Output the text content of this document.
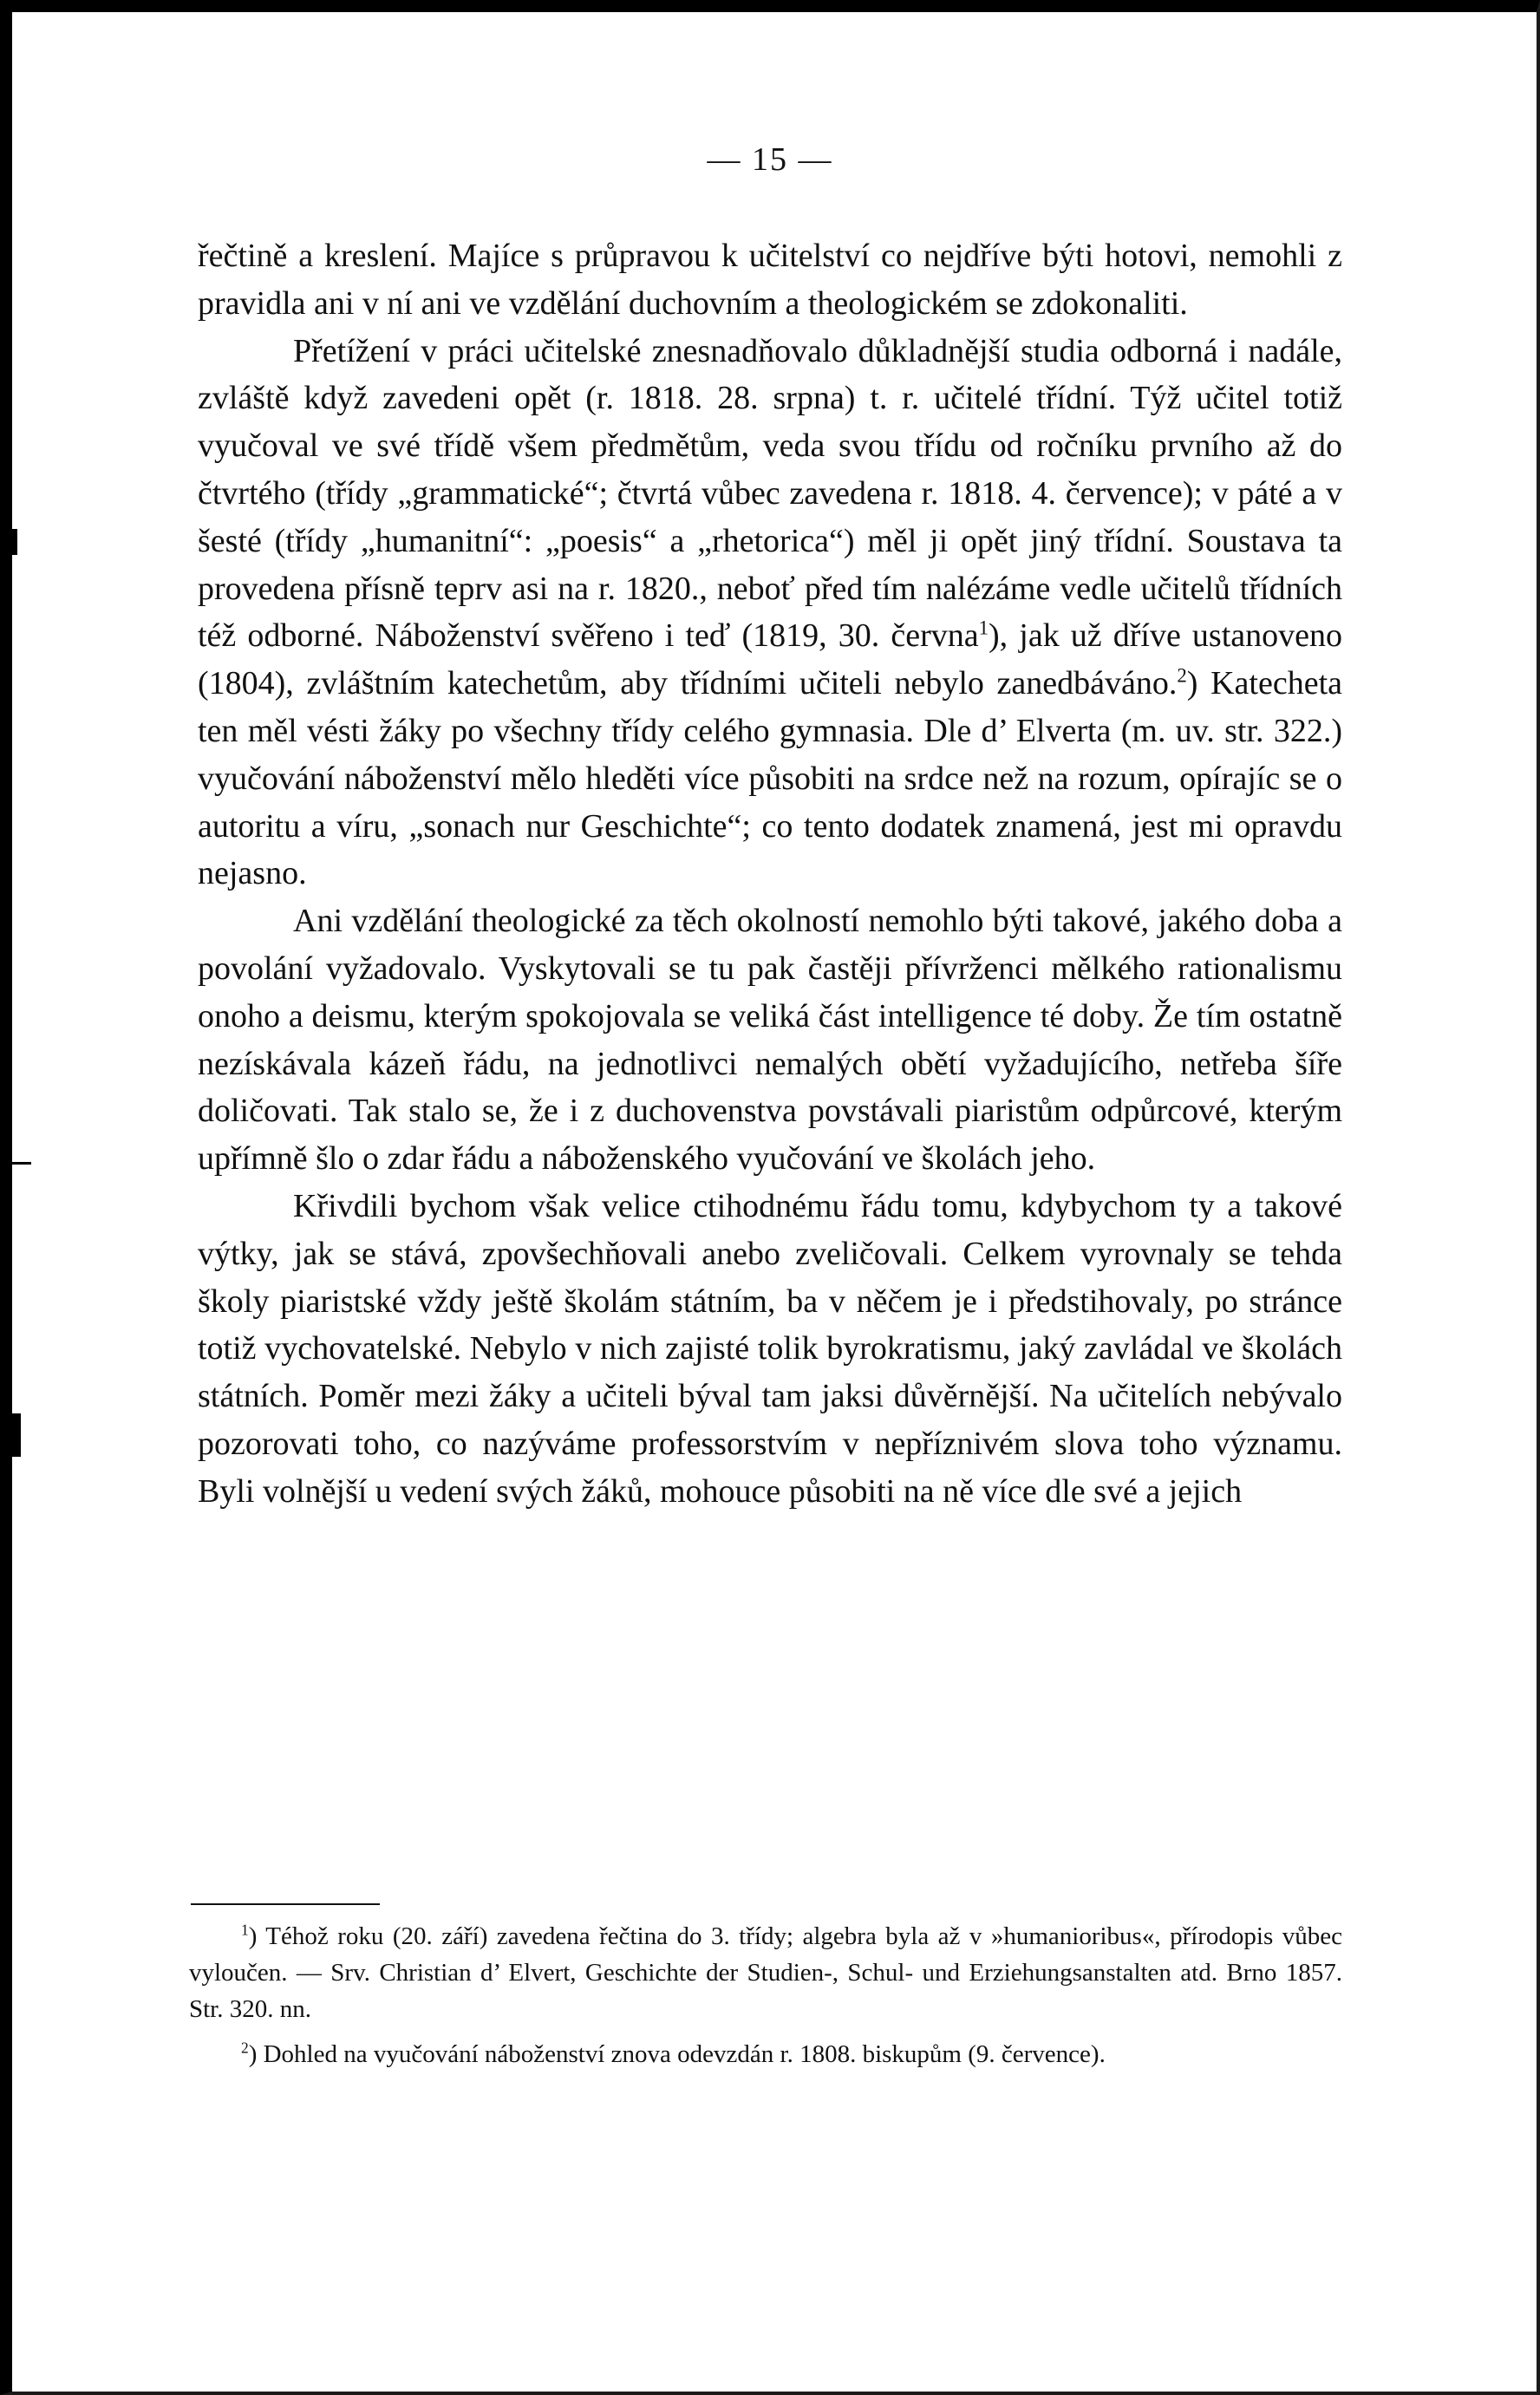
— 15 —

řečtině a kreslení. Majíce s průpravou k učitelství co nejdříve býti hotovi, nemohli z pravidla ani v ní ani ve vzdělání duchovním a theologickém se zdokonaliti.

Přetížení v práci učitelské znesnadňovalo důkladnější studia odborná i nadále, zvláště když zavedeni opět (r. 1818. 28. srpna) t. r. učitelé třídní. Týž učitel totiž vyučoval ve své třídě všem předmětům, veda svou třídu od ročníku prvního až do čtvrtého (třídy „grammatické“; čtvrtá vůbec zavedena r. 1818. 4. července); v páté a v šesté (třídy „humanitní“: „poesis“ a „rhetorica“) měl ji opět jiný třídní. Soustava ta provedena přísně teprv asi na r. 1820., neboť před tím nalézáme vedle učitelů třídních též odborné. Náboženství svěřeno i teď (1819, 30. června$^1$), jak už dříve ustanoveno (1804), zvláštním katechetům, aby třídními učiteli nebylo zanedbáváno.$^2$) Katecheta ten měl vésti žáky po všechny třídy celého gymnasia. Dle d’ Elverta (m. uv. str. 322.) vyučování náboženství mělo hleděti více působiti na srdce než na rozum, opírajíc se o autoritu a víru, „sonach nur Geschichte“; co tento dodatek znamená, jest mi opravdu nejasno.

Ani vzdělání theologické za těch okolností nemohlo býti takové, jakého doba a povolání vyžadovalo. Vyskytovali se tu pak častěji přívrženci mělkého rationalismu onoho a deismu, kterým spokojovala se veliká část intelligence té doby. Že tím ostatně nezískávala kázeň řádu, na jednotlivci nemalých obětí vyžadujícího, netřeba šíře doličovati. Tak stalo se, že i z duchovenstva povstávali piaristům odpůrcové, kterým upřímně šlo o zdar řádu a náboženského vyučování ve školách jeho.

Křivdili bychom však velice ctihodnému řádu tomu, kdybychom ty a takové výtky, jak se stává, zpovšechňovali anebo zveličovali. Celkem vyrovnaly se tehda školy piaristské vždy ještě školám státním, ba v něčem je i předstihovaly, po stránce totiž vychovatelské. Nebylo v nich zajisté tolik byrokratismu, jaký zavládal ve školách státních. Poměr mezi žáky a učiteli býval tam jaksi důvěrnější. Na učitelích nebývalo pozorovati toho, co nazýváme professorstvím v nepříznivém slova toho významu. Byli volnější u vedení svých žáků, mohouce působiti na ně více dle své a jejich

$^1$) Téhož roku (20. září) zavedena řečtina do 3. třídy; algebra byla až v »humanioribus«, přírodopis vůbec vyloučen. — Srv. Christian d’ Elvert, Geschichte der Studien-, Schul- und Erziehungsanstalten atd. Brno 1857. Str. 320. nn.

$^2$) Dohled na vyučování náboženství znova odevzdán r. 1808. biskupům (9. července).
